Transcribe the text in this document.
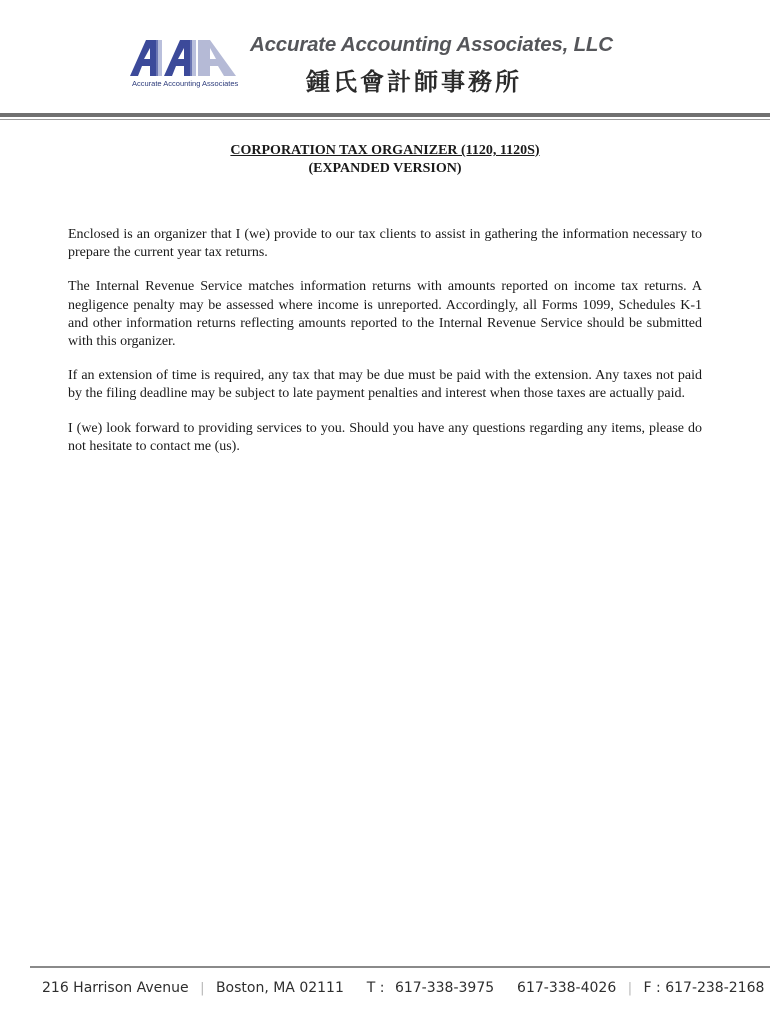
Accurate Accounting Associates
Accurate Accounting Associates, LLC
鍾氏會計師事務所
CORPORATION TAX ORGANIZER (1120, 1120S)
(EXPANDED VERSION)

Enclosed is an organizer that I (we) provide to our tax clients to assist in gathering the information necessary to prepare the current year tax returns.

The Internal Revenue Service matches information returns with amounts reported on income tax returns. A negligence penalty may be assessed where income is unreported. Accordingly, all Forms 1099, Schedules K-1 and other information returns reflecting amounts reported to the Internal Revenue Service should be submitted with this organizer.

If an extension of time is required, any tax that may be due must be paid with the extension. Any taxes not paid by the filing deadline may be subject to late payment penalties and interest when those taxes are actually paid.

I (we) look forward to providing services to you. Should you have any questions regarding any items, please do not hesitate to contact me (us).

216 Harrison Avenue | Boston, MA 02111 T : 617-338-3975 617-338-4026 | F : 617-238-2168
